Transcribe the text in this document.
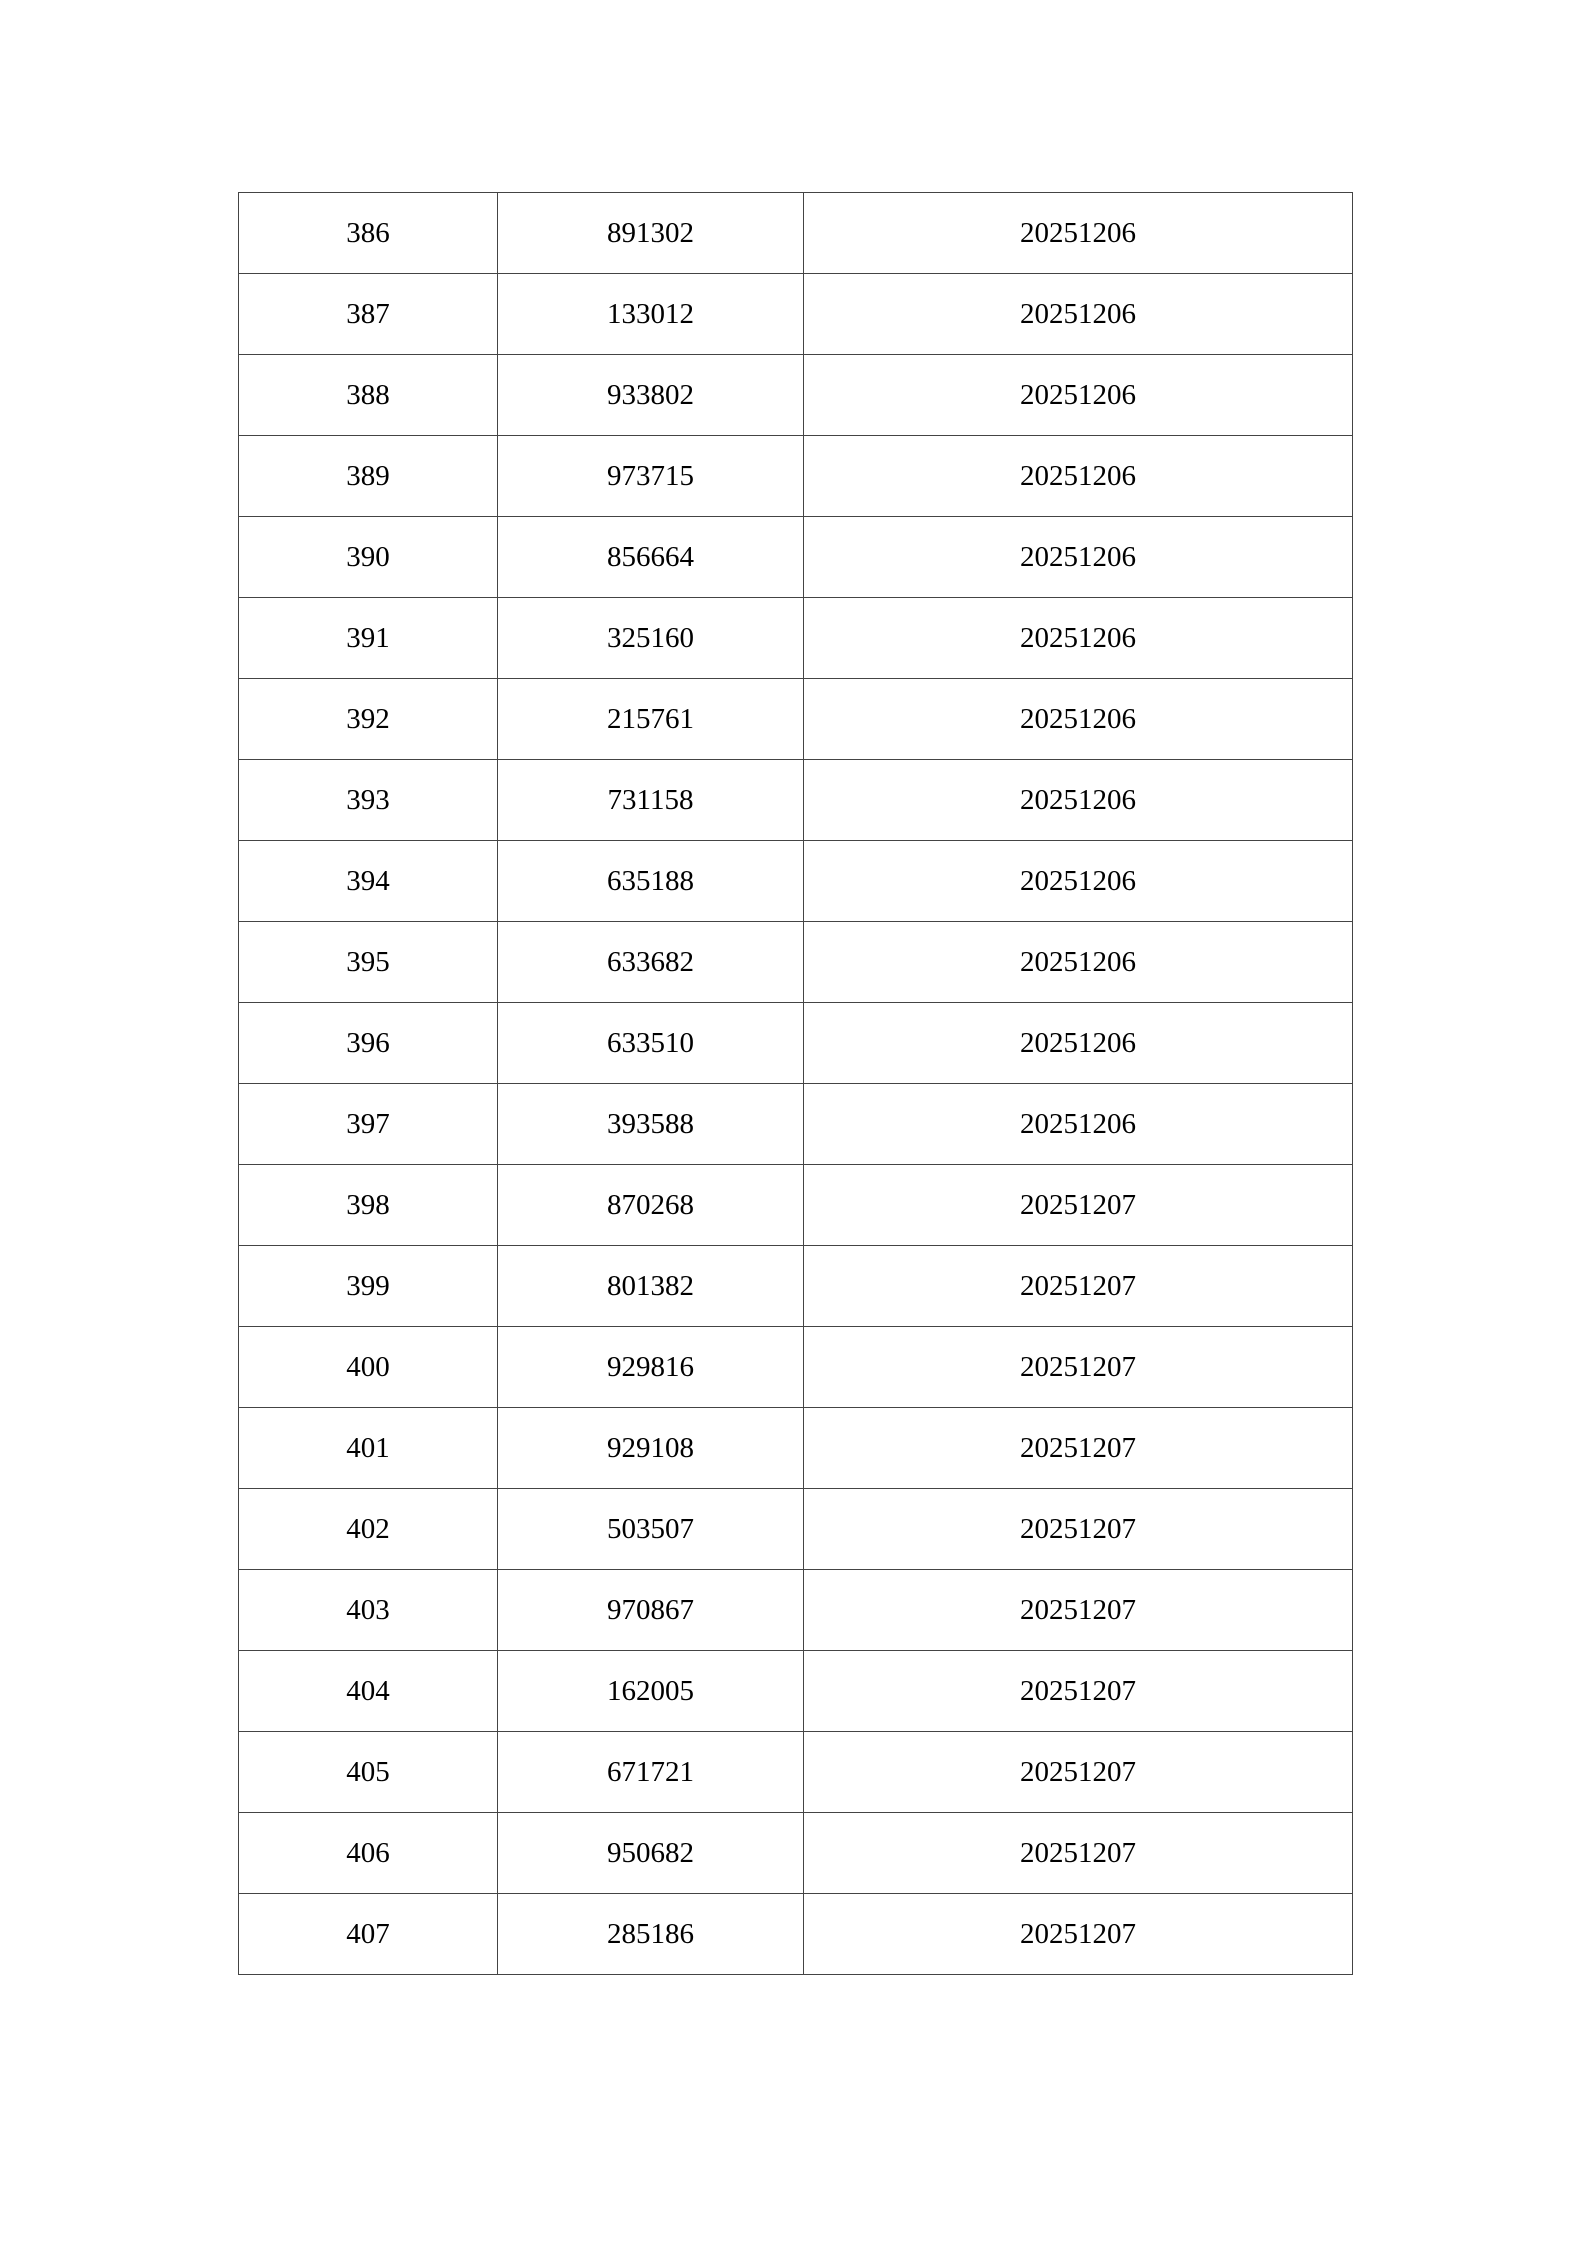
386	891302	20251206
387	133012	20251206
388	933802	20251206
389	973715	20251206
390	856664	20251206
391	325160	20251206
392	215761	20251206
393	731158	20251206
394	635188	20251206
395	633682	20251206
396	633510	20251206
397	393588	20251206
398	870268	20251207
399	801382	20251207
400	929816	20251207
401	929108	20251207
402	503507	20251207
403	970867	20251207
404	162005	20251207
405	671721	20251207
406	950682	20251207
407	285186	20251207
